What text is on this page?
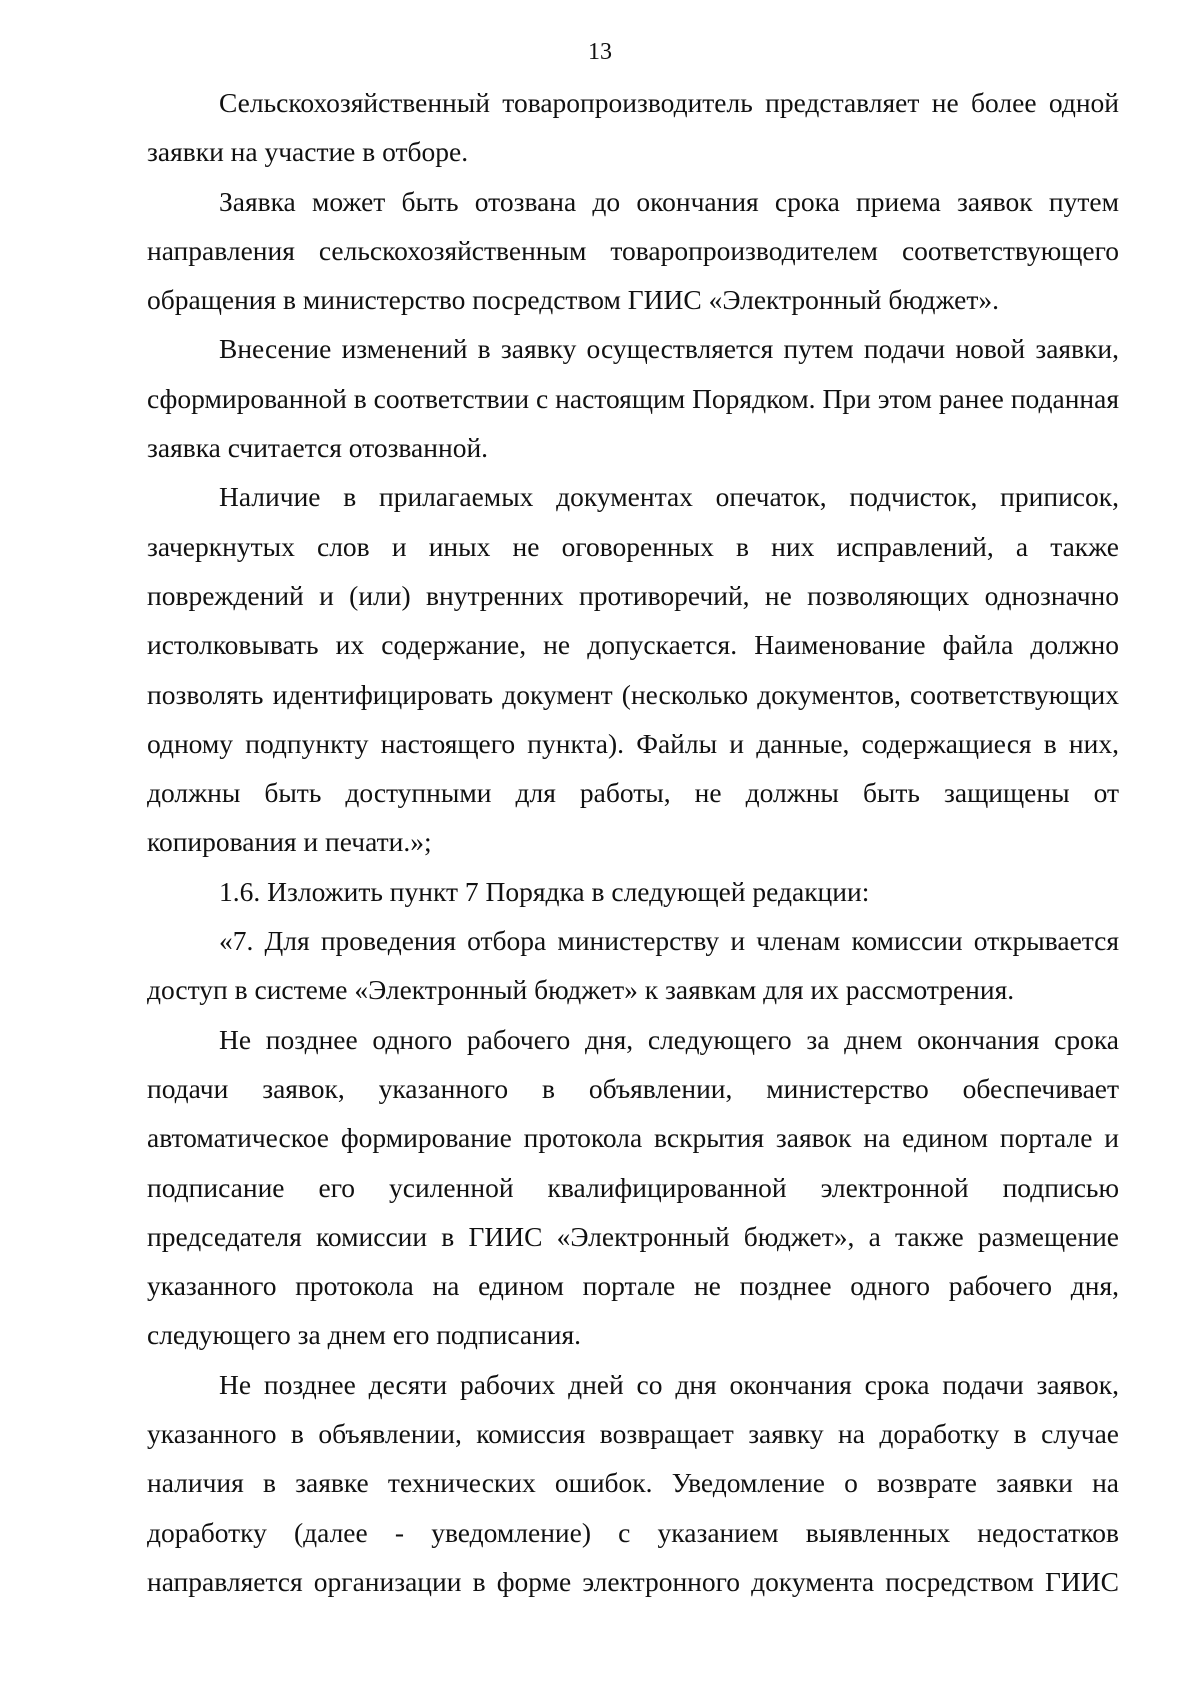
13

Сельскохозяйственный товаропроизводитель представляет не более одной заявки на участие в отборе.

Заявка может быть отозвана до окончания срока приема заявок путем направления сельскохозяйственным товаропроизводителем соответствующего обращения в министерство посредством ГИИС «Электронный бюджет».

Внесение изменений в заявку осуществляется путем подачи новой заявки, сформированной в соответствии с настоящим Порядком. При этом ранее поданная заявка считается отозванной.

Наличие в прилагаемых документах опечаток, подчисток, приписок, зачеркнутых слов и иных не оговоренных в них исправлений, а также повреждений и (или) внутренних противоречий, не позволяющих однозначно истолковывать их содержание, не допускается. Наименование файла должно позволять идентифицировать документ (несколько документов, соответствующих одному подпункту настоящего пункта). Файлы и данные, содержащиеся в них, должны быть доступными для работы, не должны быть защищены от копирования и печати.»;

1.6. Изложить пункт 7 Порядка в следующей редакции:

«7. Для проведения отбора министерству и членам комиссии открывается доступ в системе «Электронный бюджет» к заявкам для их рассмотрения.

Не позднее одного рабочего дня, следующего за днем окончания срока подачи заявок, указанного в объявлении, министерство обеспечивает автоматическое формирование протокола вскрытия заявок на едином портале и подписание его усиленной квалифицированной электронной подписью председателя комиссии в ГИИС «Электронный бюджет», а также размещение указанного протокола на едином портале не позднее одного рабочего дня, следующего за днем его подписания.

Не позднее десяти рабочих дней со дня окончания срока подачи заявок, указанного в объявлении, комиссия возвращает заявку на доработку в случае наличия в заявке технических ошибок. Уведомление о возврате заявки на доработку (далее - уведомление) с указанием выявленных недостатков направляется организации в форме электронного документа посредством ГИИС
